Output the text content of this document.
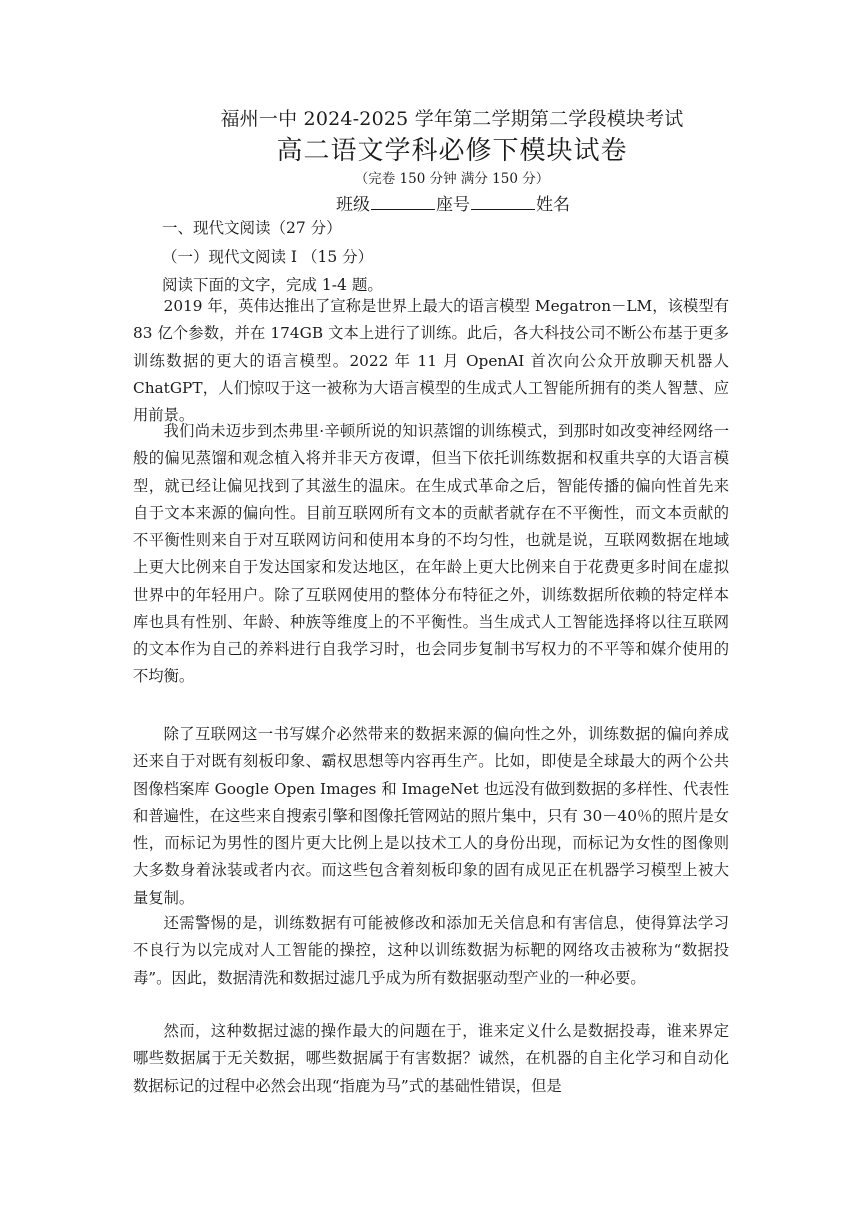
福州一中 2024-2025 学年第二学期第二学段模块考试
高二语文学科必修下模块试卷
（完卷 150 分钟 满分 150 分）
班级	座号	姓名
一、现代文阅读（27 分）
（一）现代文阅读 I （15 分）
阅读下面的文字，完成 1-4 题。

2019 年，英伟达推出了宣称是世界上最大的语言模型 Megatron－LM，该模型有 83 亿个参数，并在 174GB 文本上进行了训练。此后，各大科技公司不断公布基于更多训练数据的更大的语言模型。2022 年 11 月 OpenAI 首次向公众开放聊天机器人 ChatGPT，人们惊叹于这一被称为大语言模型的生成式人工智能所拥有的类人智慧、应用前景。

我们尚未迈步到杰弗里·辛顿所说的知识蒸馏的训练模式，到那时如改变神经网络一般的偏见蒸馏和观念植入将并非天方夜谭，但当下依托训练数据和权重共享的大语言模型，就已经让偏见找到了其滋生的温床。在生成式革命之后，智能传播的偏向性首先来自于文本来源的偏向性。目前互联网所有文本的贡献者就存在不平衡性，而文本贡献的不平衡性则来自于对互联网访问和使用本身的不均匀性，也就是说，互联网数据在地域上更大比例来自于发达国家和发达地区，在年龄上更大比例来自于花费更多时间在虚拟世界中的年轻用户。除了互联网使用的整体分布特征之外，训练数据所依赖的特定样本库也具有性别、年龄、种族等维度上的不平衡性。当生成式人工智能选择将以往互联网的文本作为自己的养料进行自我学习时，也会同步复制书写权力的不平等和媒介使用的不均衡。

除了互联网这一书写媒介必然带来的数据来源的偏向性之外，训练数据的偏向养成还来自于对既有刻板印象、霸权思想等内容再生产。比如，即使是全球最大的两个公共图像档案库 Google Open Images 和 ImageNet 也远没有做到数据的多样性、代表性和普遍性，在这些来自搜索引擎和图像托管网站的照片集中，只有 30－40％的照片是女性，而标记为男性的图片更大比例上是以技术工人的身份出现，而标记为女性的图像则大多数身着泳装或者内衣。而这些包含着刻板印象的固有成见正在机器学习模型上被大量复制。

还需警惕的是，训练数据有可能被修改和添加无关信息和有害信息，使得算法学习不良行为以完成对人工智能的操控，这种以训练数据为标靶的网络攻击被称为“数据投毒”。因此，数据清洗和数据过滤几乎成为所有数据驱动型产业的一种必要。

然而，这种数据过滤的操作最大的问题在于，谁来定义什么是数据投毒，谁来界定哪些数据属于无关数据，哪些数据属于有害数据？诚然，在机器的自主化学习和自动化数据标记的过程中必然会出现“指鹿为马”式的基础性错误，但是
